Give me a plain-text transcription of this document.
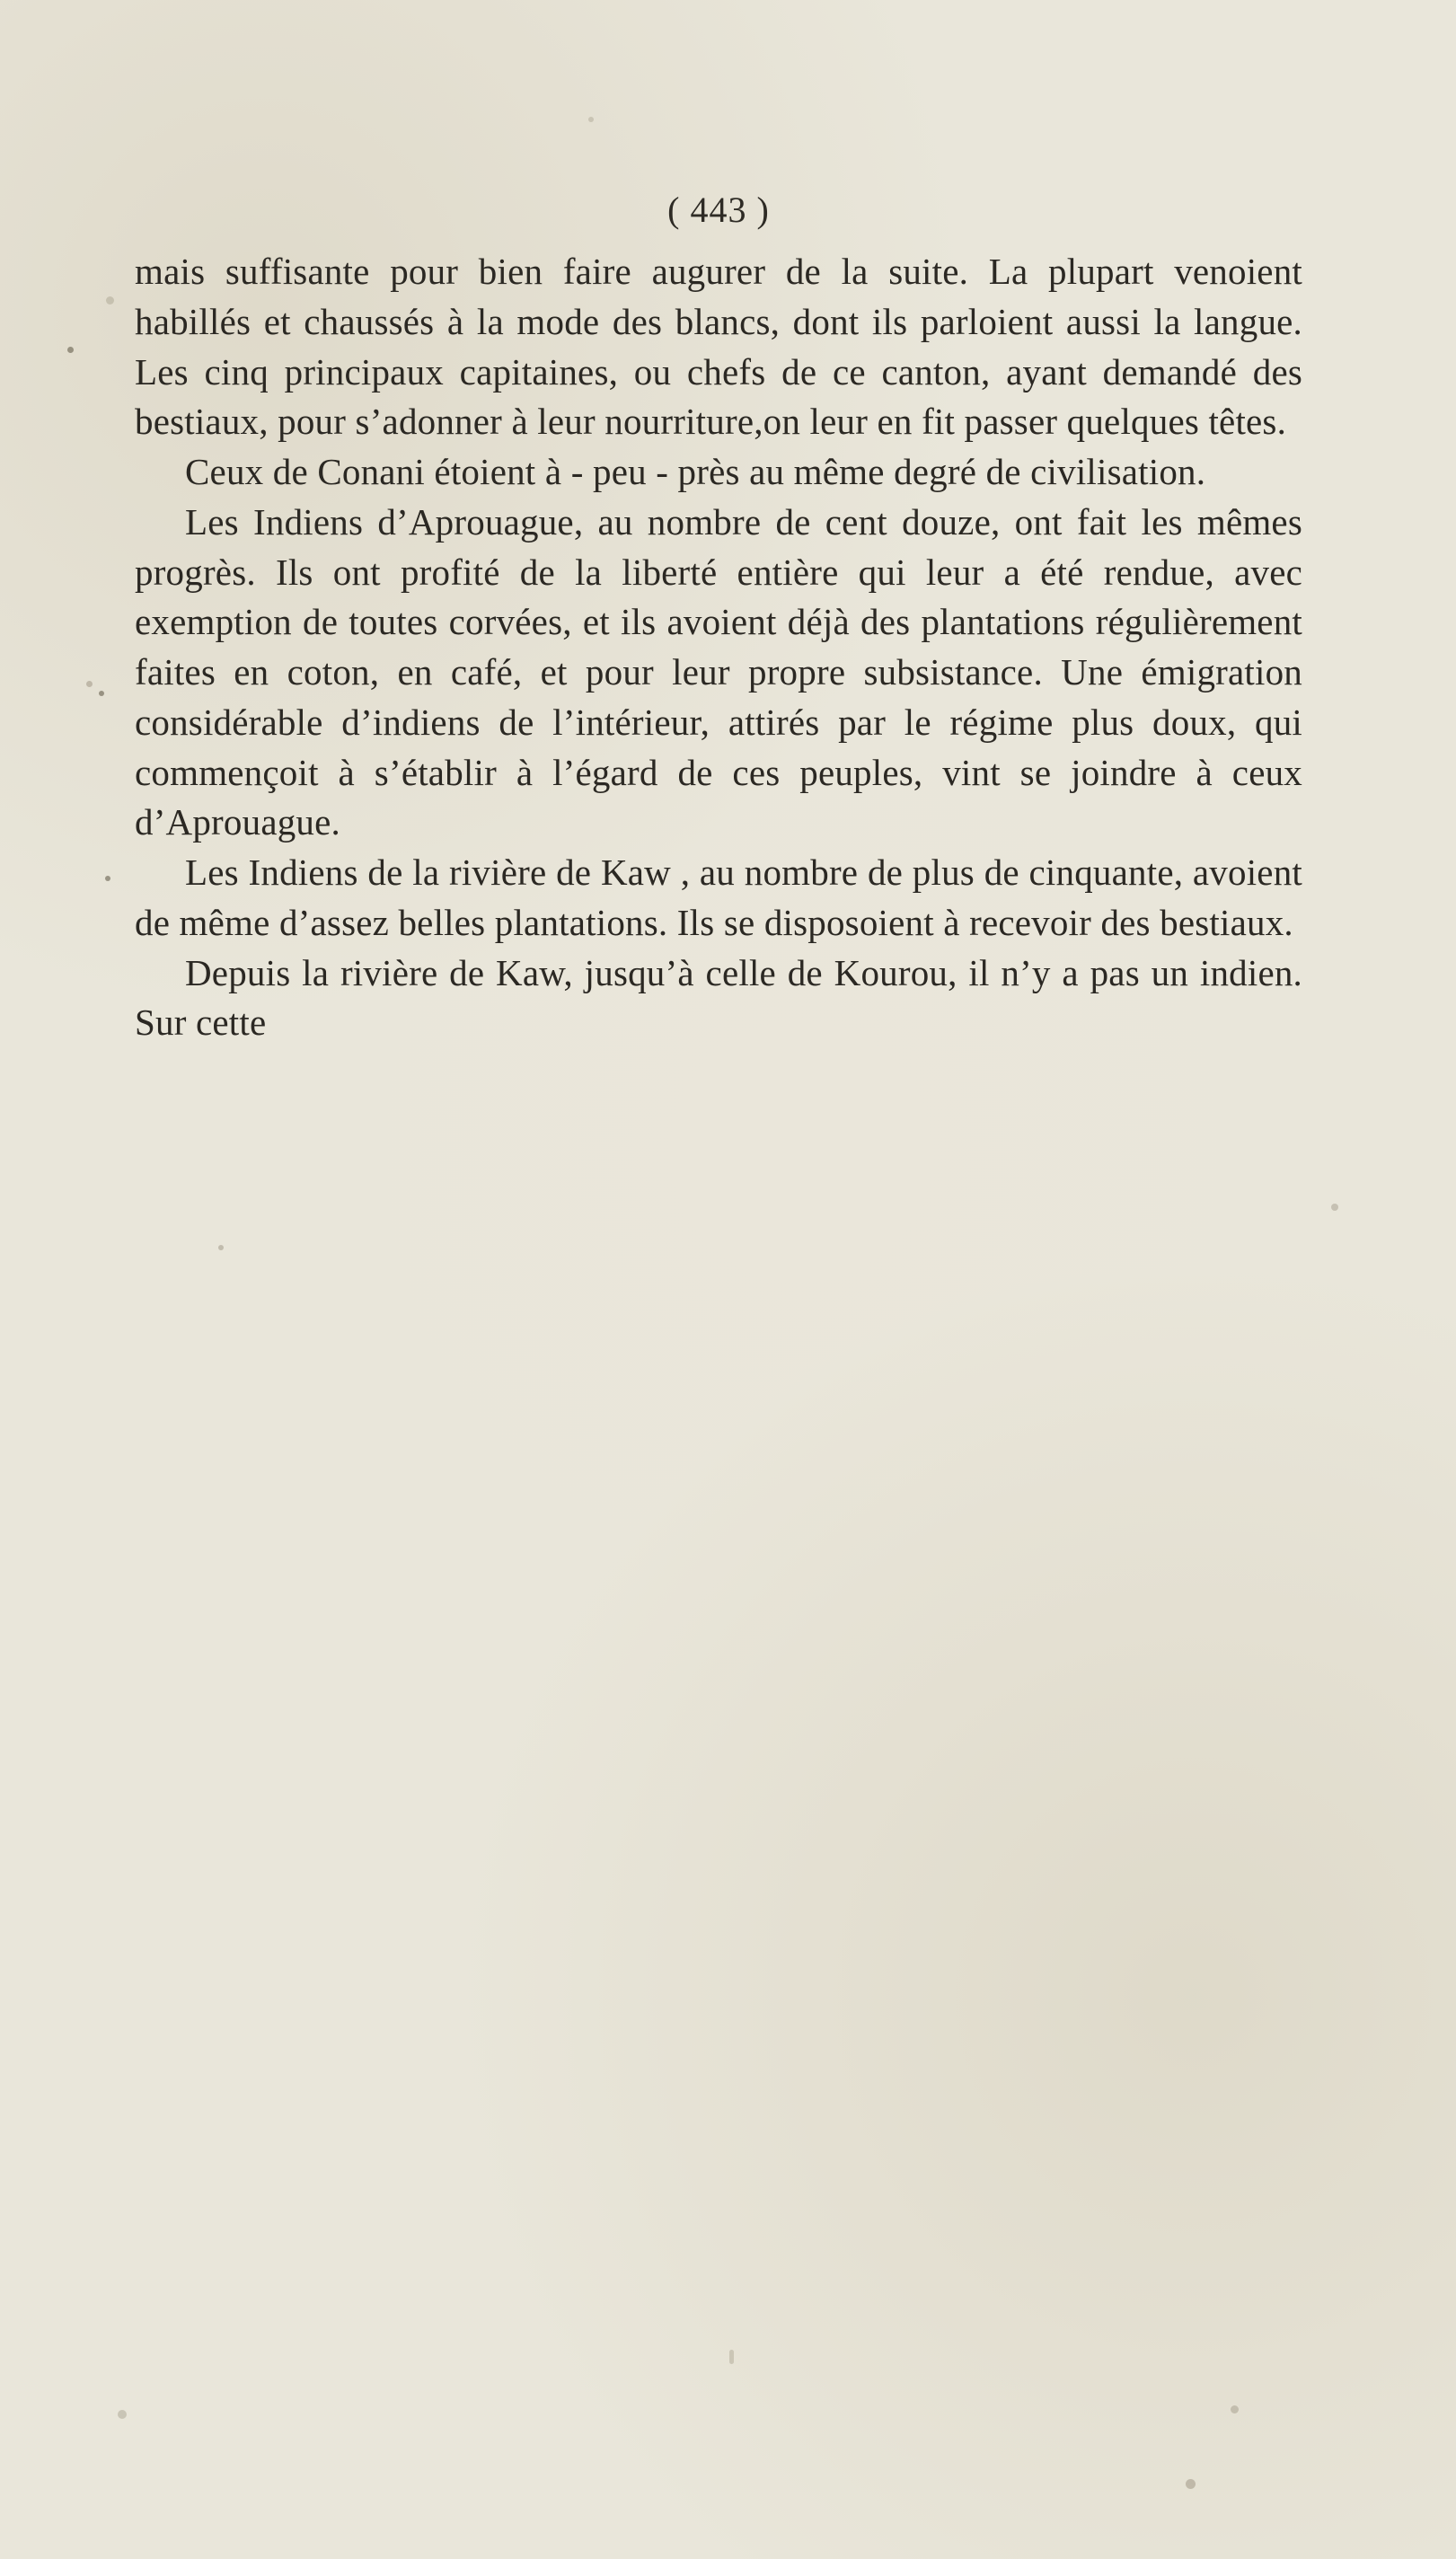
( 443 )

mais suffisante pour bien faire augurer de la suite. La plupart venoient habillés et chaussés à la mode des blancs, dont ils parloient aussi la langue. Les cinq principaux capitaines, ou chefs de ce canton, ayant demandé des bestiaux, pour s’adonner à leur nourriture,on leur en fit passer quelques têtes.

Ceux de Conani étoient à - peu - près au même degré de civilisation.

Les Indiens d’Aprouague, au nombre de cent douze, ont fait les mêmes progrès. Ils ont profité de la liberté entière qui leur a été rendue, avec exemption de toutes corvées, et ils avoient déjà des plantations régulièrement faites en coton, en café, et pour leur propre subsistance. Une émigration considérable d’indiens de l’intérieur, attirés par le régime plus doux, qui commençoit à s’établir à l’égard de ces peuples, vint se joindre à ceux d’Aprouague.

Les Indiens de la rivière de Kaw , au nombre de plus de cinquante, avoient de même d’assez belles plantations. Ils se disposoient à recevoir des bestiaux.

Depuis la rivière de Kaw, jusqu’à celle de Kourou, il n’y a pas un indien. Sur cette
